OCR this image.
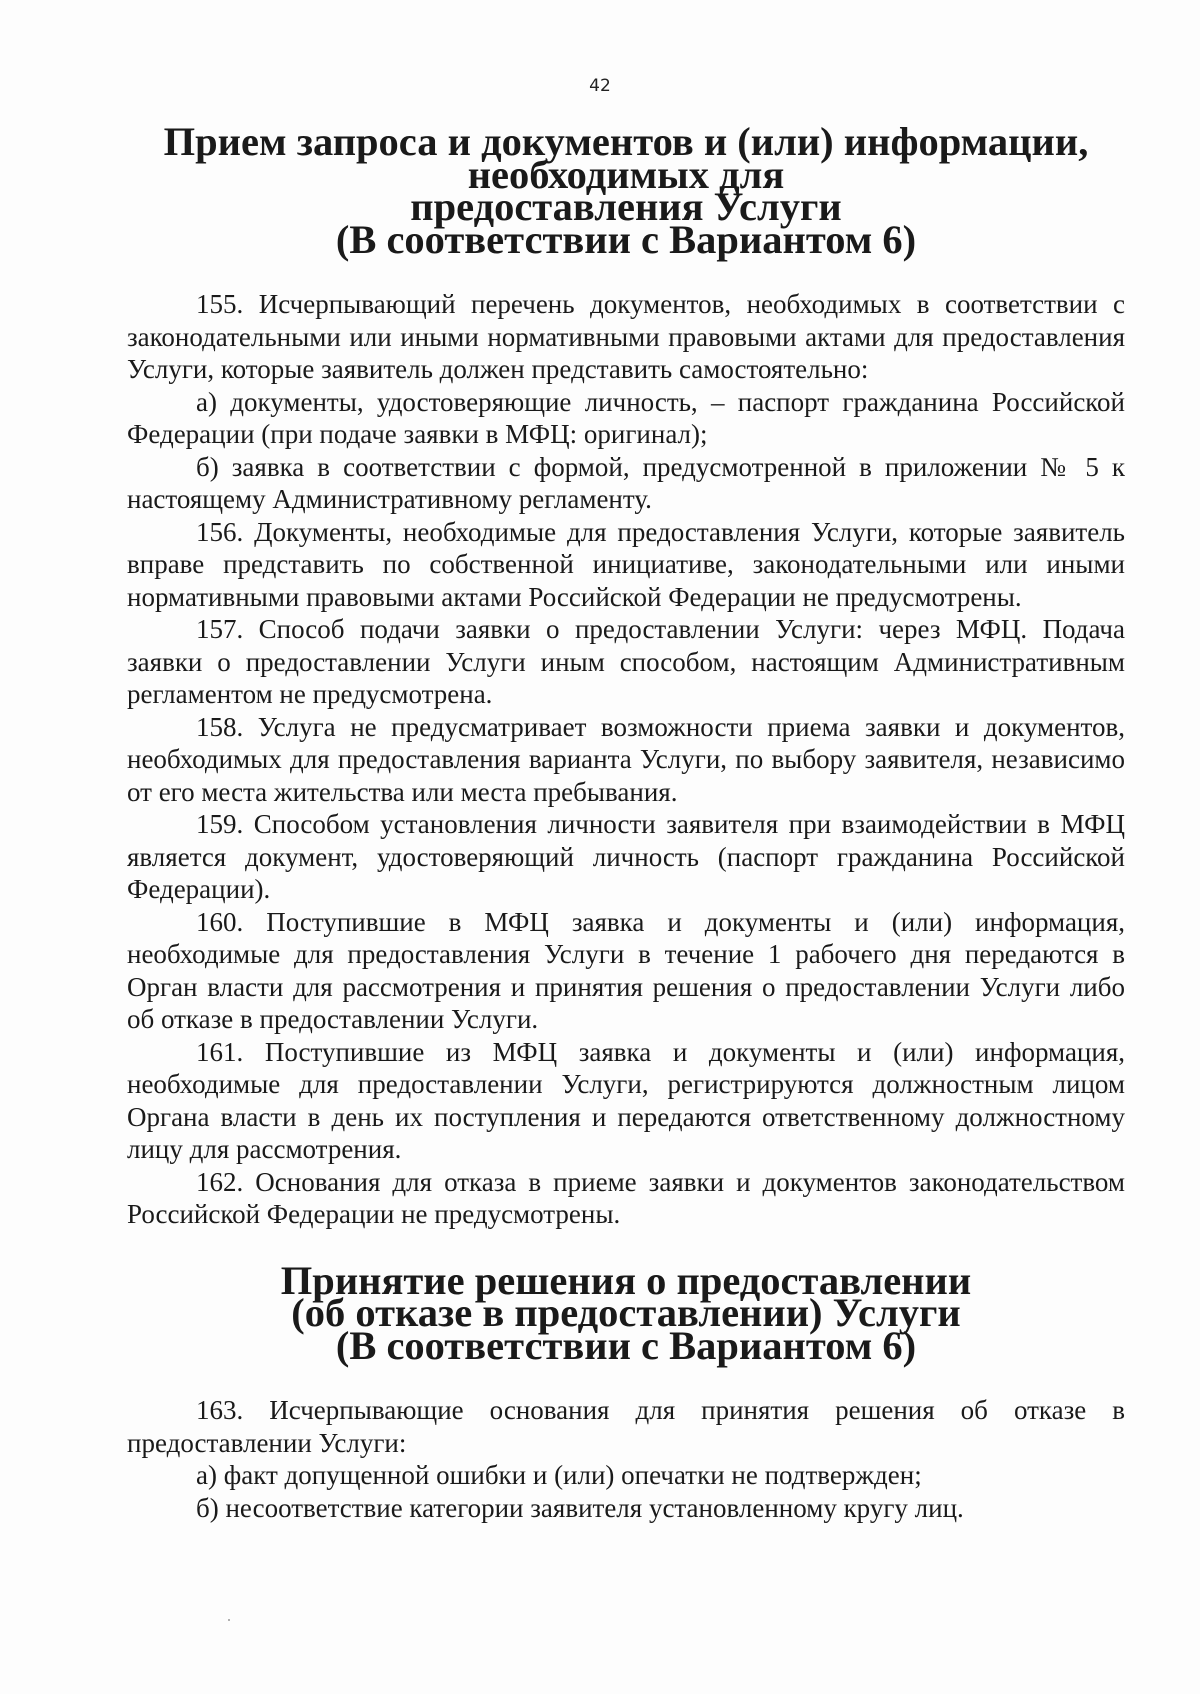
42
Прием запроса и документов и (или) информации, необходимых для
предоставления Услуги
(В соответствии с Вариантом 6)

155. Исчерпывающий перечень документов, необходимых в соответствии с законодательными или иными нормативными правовыми актами для предоставления Услуги, которые заявитель должен представить самостоятельно:

а) документы, удостоверяющие личность, – паспорт гражданина Российской Федерации (при подаче заявки в МФЦ: оригинал);

б) заявка в соответствии с формой, предусмотренной в приложении № 5 к настоящему Административному регламенту.

156. Документы, необходимые для предоставления Услуги, которые заявитель вправе представить по собственной инициативе, законодательными или иными нормативными правовыми актами Российской Федерации не предусмотрены.

157. Способ подачи заявки о предоставлении Услуги: через МФЦ. Подача заявки о предоставлении Услуги иным способом, настоящим Административным регламентом не предусмотрена.

158. Услуга не предусматривает возможности приема заявки и документов, необходимых для предоставления варианта Услуги, по выбору заявителя, независимо от его места жительства или места пребывания.

159. Способом установления личности заявителя при взаимодействии в МФЦ является документ, удостоверяющий личность (паспорт гражданина Российской Федерации).

160. Поступившие в МФЦ заявка и документы и (или) информация, необходимые для предоставления Услуги в течение 1 рабочего дня передаются в Орган власти для рассмотрения и принятия решения о предоставлении Услуги либо об отказе в предоставлении Услуги.

161. Поступившие из МФЦ заявка и документы и (или) информация, необходимые для предоставлении Услуги, регистрируются должностным лицом Органа власти в день их поступления и передаются ответственному должностному лицу для рассмотрения.

162. Основания для отказа в приеме заявки и документов законодательством Российской Федерации не предусмотрены.

Принятие решения о предоставлении
(об отказе в предоставлении) Услуги
(В соответствии с Вариантом 6)

163. Исчерпывающие основания для принятия решения об отказе в предоставлении Услуги:

а) факт допущенной ошибки и (или) опечатки не подтвержден;

б) несоответствие категории заявителя установленному кругу лиц.
